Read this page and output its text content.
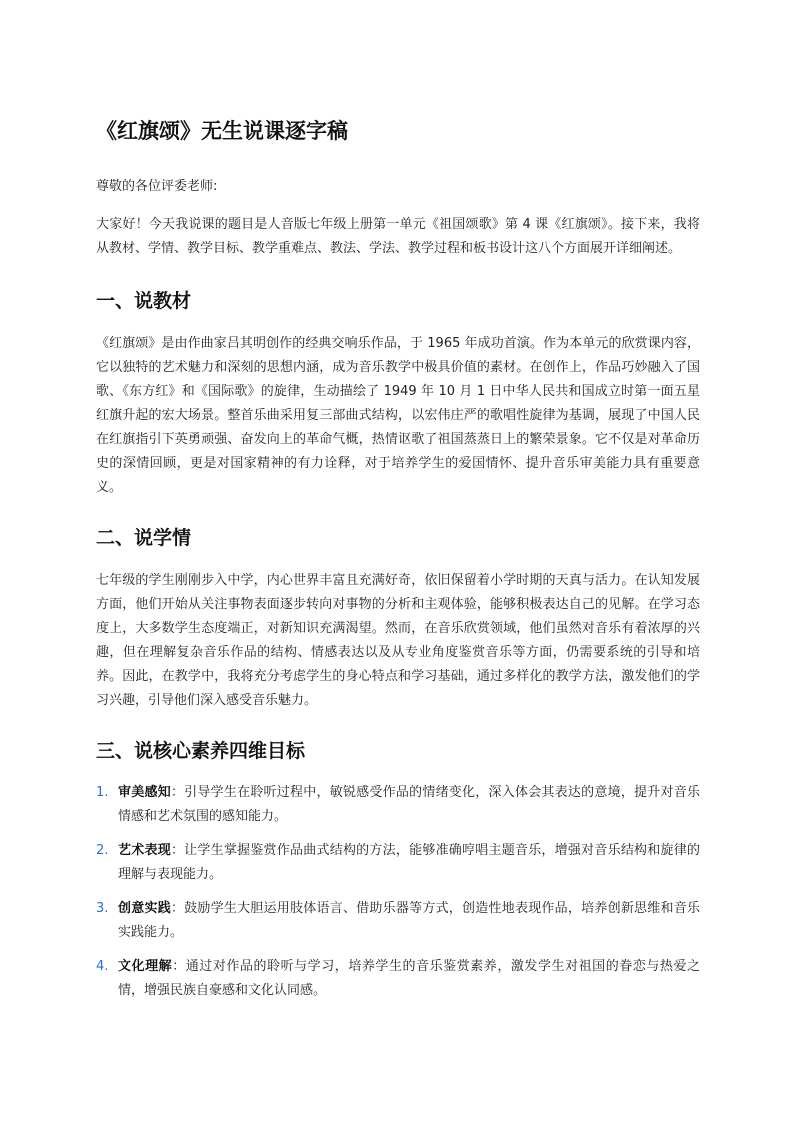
《红旗颂》无生说课逐字稿

尊敬的各位评委老师:

大家好！今天我说课的题目是人音版七年级上册第一单元《祖国颂歌》第 4 课《红旗颂》。接下来，我将从教材、学情、教学目标、教学重难点、教法、学法、教学过程和板书设计这八个方面展开详细阐述。

一、说教材

《红旗颂》是由作曲家吕其明创作的经典交响乐作品，于 1965 年成功首演。作为本单元的欣赏课内容，它以独特的艺术魅力和深刻的思想内涵，成为音乐教学中极具价值的素材。在创作上，作品巧妙融入了国歌、《东方红》和《国际歌》的旋律，生动描绘了 1949 年 10 月 1 日中华人民共和国成立时第一面五星红旗升起的宏大场景。整首乐曲采用复三部曲式结构，以宏伟庄严的歌唱性旋律为基调，展现了中国人民在红旗指引下英勇顽强、奋发向上的革命气概，热情讴歌了祖国蒸蒸日上的繁荣景象。它不仅是对革命历史的深情回顾，更是对国家精神的有力诠释，对于培养学生的爱国情怀、提升音乐审美能力具有重要意义。

二、说学情

七年级的学生刚刚步入中学，内心世界丰富且充满好奇，依旧保留着小学时期的天真与活力。在认知发展方面，他们开始从关注事物表面逐步转向对事物的分析和主观体验，能够积极表达自己的见解。在学习态度上，大多数学生态度端正，对新知识充满渴望。然而，在音乐欣赏领域，他们虽然对音乐有着浓厚的兴趣，但在理解复杂音乐作品的结构、情感表达以及从专业角度鉴赏音乐等方面，仍需要系统的引导和培养。因此，在教学中，我将充分考虑学生的身心特点和学习基础，通过多样化的教学方法，激发他们的学习兴趣，引导他们深入感受音乐魅力。

三、说核心素养四维目标
1. 审美感知：引导学生在聆听过程中，敏锐感受作品的情绪变化，深入体会其表达的意境，提升对音乐情感和艺术氛围的感知能力。
2. 艺术表现：让学生掌握鉴赏作品曲式结构的方法，能够准确哼唱主题音乐，增强对音乐结构和旋律的理解与表现能力。
3. 创意实践：鼓励学生大胆运用肢体语言、借助乐器等方式，创造性地表现作品，培养创新思维和音乐实践能力。
4. 文化理解：通过对作品的聆听与学习，培养学生的音乐鉴赏素养，激发学生对祖国的眷恋与热爱之情，增强民族自豪感和文化认同感。
